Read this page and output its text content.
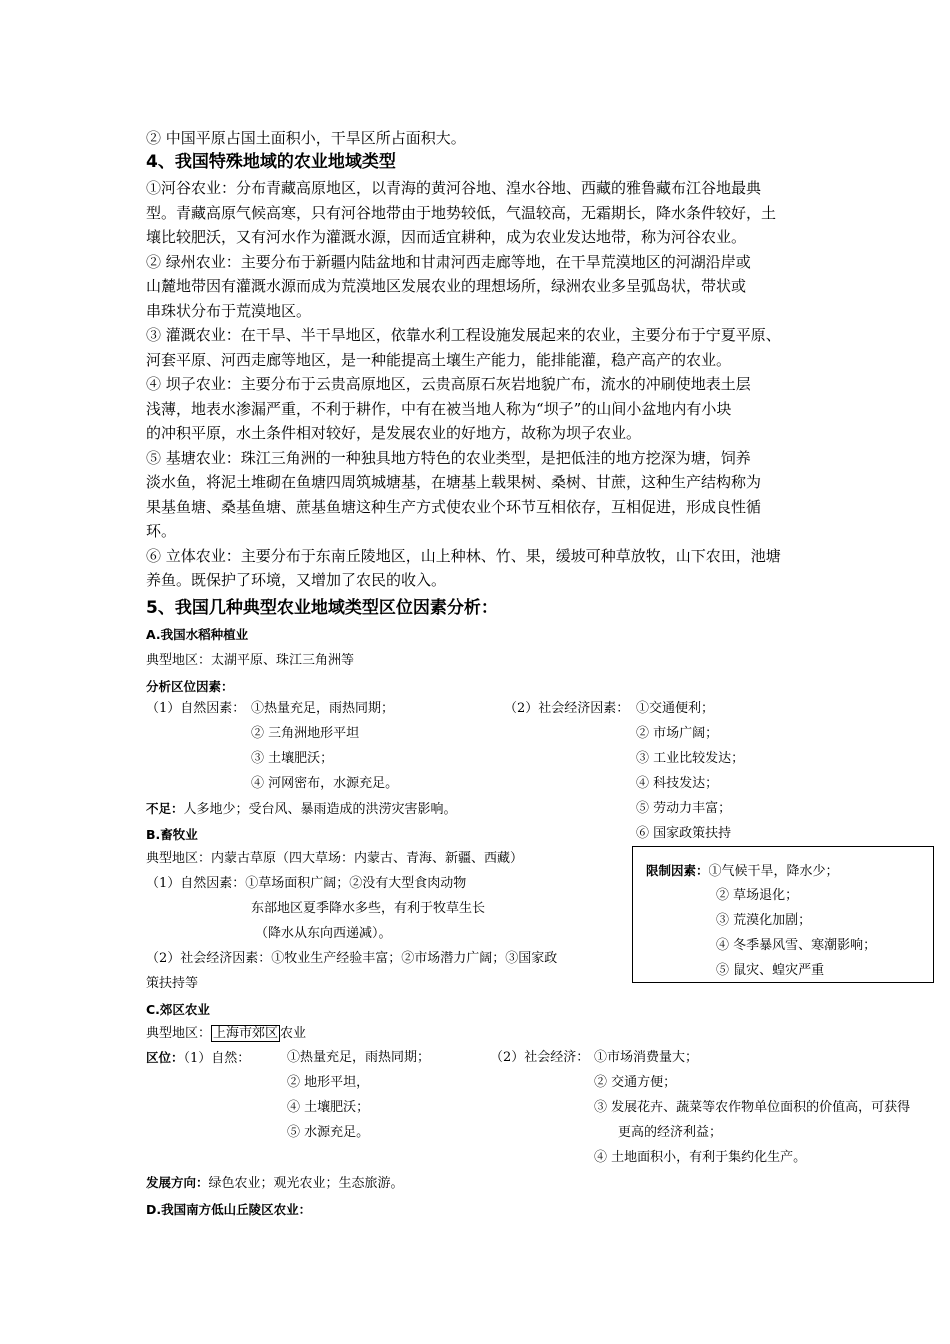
② 中国平原占国土面积小，干旱区所占面积大。
4、我国特殊地域的农业地域类型
①河谷农业：分布青藏高原地区，以青海的黄河谷地、湟水谷地、西藏的雅鲁藏布江谷地最典
型。青藏高原气候高寒，只有河谷地带由于地势较低，气温较高，无霜期长，降水条件较好，土
壤比较肥沃，又有河水作为灌溉水源，因而适宜耕种，成为农业发达地带，称为河谷农业。
② 绿州农业：主要分布于新疆内陆盆地和甘肃河西走廊等地，在干旱荒漠地区的河湖沿岸或
山麓地带因有灌溉水源而成为荒漠地区发展农业的理想场所，绿洲农业多呈弧岛状，带状或
串珠状分布于荒漠地区。
③ 灌溉农业：在干旱、半干旱地区，依靠水利工程设施发展起来的农业，主要分布于宁夏平原、
河套平原、河西走廊等地区，是一种能提高土壤生产能力，能排能灌，稳产高产的农业。
④ 坝子农业：主要分布于云贵高原地区，云贵高原石灰岩地貌广布，流水的冲刷使地表土层
浅薄，地表水渗漏严重，不利于耕作，中有在被当地人称为“坝子”的山间小盆地内有小块
的冲积平原，水土条件相对较好，是发展农业的好地方，故称为坝子农业。
⑤ 基塘农业：珠江三角洲的一种独具地方特色的农业类型，是把低洼的地方挖深为塘，饲养
淡水鱼，将泥土堆砌在鱼塘四周筑城塘基，在塘基上载果树、桑树、甘蔗，这种生产结构称为
果基鱼塘、桑基鱼塘、蔗基鱼塘这种生产方式使农业个环节互相依存，互相促进，形成良性循
环。
⑥ 立体农业：主要分布于东南丘陵地区，山上种林、竹、果，缓坡可种草放牧，山下农田，池塘
养鱼。既保护了环境，又增加了农民的收入。
5、我国几种典型农业地域类型区位因素分析：
A.我国水稻种植业
典型地区：太湖平原、珠江三角洲等
分析区位因素：
（1）自然因素： ①热量充足，雨热同期；
② 三角洲地形平坦
③ 土壤肥沃；
④ 河网密布，水源充足。
（2）社会经济因素： ①交通便利；
② 市场广阔；
③ 工业比较发达；
④ 科技发达；
⑤ 劳动力丰富；
⑥ 国家政策扶持
不足：人多地少；受台风、暴雨造成的洪涝灾害影响。
B.畜牧业
典型地区：内蒙古草原（四大草场：内蒙古、青海、新疆、西藏）
（1）自然因素：①草场面积广阔；②没有大型食肉动物
东部地区夏季降水多些，有利于牧草生长
（降水从东向西递减）。
（2）社会经济因素：①牧业生产经验丰富；②市场潜力广阔；③国家政
策扶持等
限制因素：①气候干旱，降水少；
② 草场退化；
③ 荒漠化加剧；
④ 冬季暴风雪、寒潮影响；
⑤ 鼠灾、蝗灾严重
C.郊区农业
典型地区： 上海市郊区 农业
区位：（1）自然：	①热量充足，雨热同期；
② 地形平坦，
④ 土壤肥沃；
⑤ 水源充足。
（2）社会经济： ①市场消费量大；
② 交通方便；
③ 发展花卉、蔬菜等农作物单位面积的价值高，可获得
更高的经济利益；
④ 土地面积小，有利于集约化生产。
发展方向：绿色农业；观光农业；生态旅游。
D.我国南方低山丘陵区农业：
